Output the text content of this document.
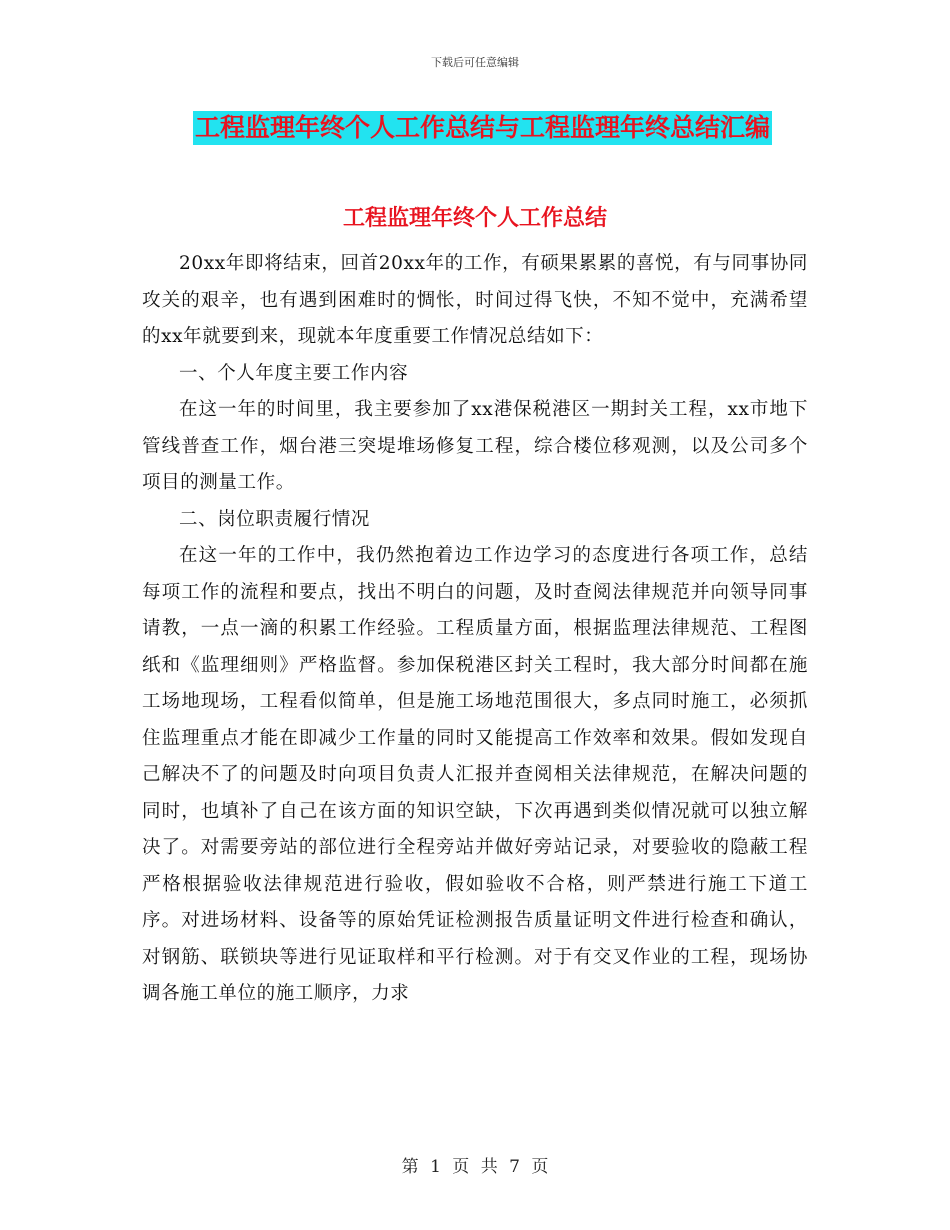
下载后可任意编辑
工程监理年终个人工作总结与工程监理年终总结汇编
工程监理年终个人工作总结

20xx年即将结束，回首20xx年的工作，有硕果累累的喜悦，有与同事协同攻关的艰辛，也有遇到困难时的惆怅，时间过得飞快，不知不觉中，充满希望的xx年就要到来，现就本年度重要工作情况总结如下：

一、个人年度主要工作内容

在这一年的时间里，我主要参加了xx港保税港区一期封关工程，xx市地下管线普查工作，烟台港三突堤堆场修复工程，综合楼位移观测，以及公司多个项目的测量工作。

二、岗位职责履行情况

在这一年的工作中，我仍然抱着边工作边学习的态度进行各项工作，总结每项工作的流程和要点，找出不明白的问题，及时查阅法律规范并向领导同事请教，一点一滴的积累工作经验。工程质量方面，根据监理法律规范、工程图纸和《监理细则》严格监督。参加保税港区封关工程时，我大部分时间都在施工场地现场，工程看似简单，但是施工场地范围很大，多点同时施工，必须抓住监理重点才能在即减少工作量的同时又能提高工作效率和效果。假如发现自己解决不了的问题及时向项目负责人汇报并查阅相关法律规范，在解决问题的同时，也填补了自己在该方面的知识空缺，下次再遇到类似情况就可以独立解决了。对需要旁站的部位进行全程旁站并做好旁站记录，对要验收的隐蔽工程严格根据验收法律规范进行验收，假如验收不合格，则严禁进行施工下道工序。对进场材料、设备等的原始凭证检测报告质量证明文件进行检查和确认，对钢筋、联锁块等进行见证取样和平行检测。对于有交叉作业的工程，现场协调各施工单位的施工顺序，力求

第 1 页 共 7 页
